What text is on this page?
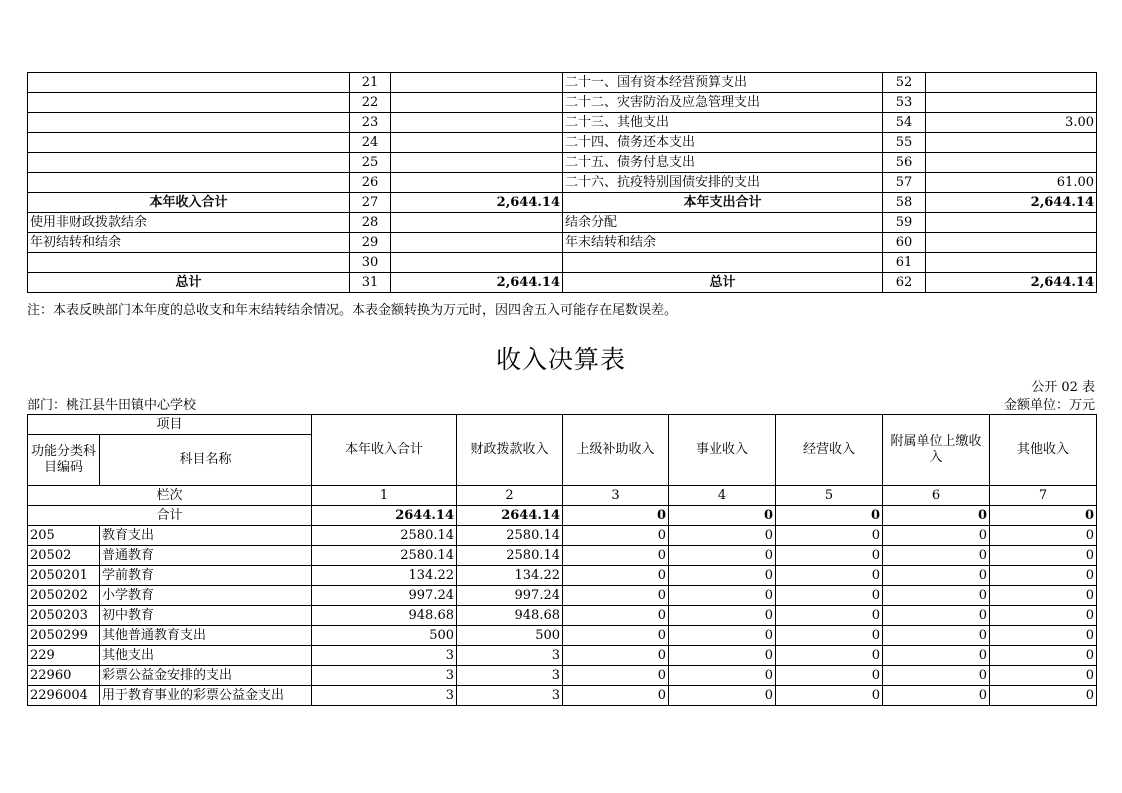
	21		二十一、国有资本经营预算支出	52	
	22		二十二、灾害防治及应急管理支出	53	
	23		二十三、其他支出	54	3.00
	24		二十四、债务还本支出	55	
	25		二十五、债务付息支出	56	
	26		二十六、抗疫特别国债安排的支出	57	61.00
本年收入合计	27	2,644.14	本年支出合计	58	2,644.14
使用非财政拨款结余	28		结余分配	59	
年初结转和结余	29		年末结转和结余	60	
	30			61	
总计	31	2,644.14	总计	62	2,644.14
注：本表反映部门本年度的总收支和年末结转结余情况。本表金额转换为万元时，因四舍五入可能存在尾数误差。
收入决算表
公开 02 表
部门：桃江县牛田镇中心学校	金额单位：万元
项目		本年收入合计	财政拨款收入	上级补助收入	事业收入	经营收入	附属单位上缴收入	其他收入
功能分类科目编码	科目名称							
栏次		1	2	3	4	5	6	7
合计		2644.14	2644.14	0	0	0	0	0
205	教育支出	2580.14	2580.14	0	0	0	0	0
20502	普通教育	2580.14	2580.14	0	0	0	0	0
2050201	学前教育	134.22	134.22	0	0	0	0	0
2050202	小学教育	997.24	997.24	0	0	0	0	0
2050203	初中教育	948.68	948.68	0	0	0	0	0
2050299	其他普通教育支出	500	500	0	0	0	0	0
229	其他支出	3	3	0	0	0	0	0
22960	彩票公益金安排的支出	3	3	0	0	0	0	0
2296004	用于教育事业的彩票公益金支出	3	3	0	0	0	0	0
